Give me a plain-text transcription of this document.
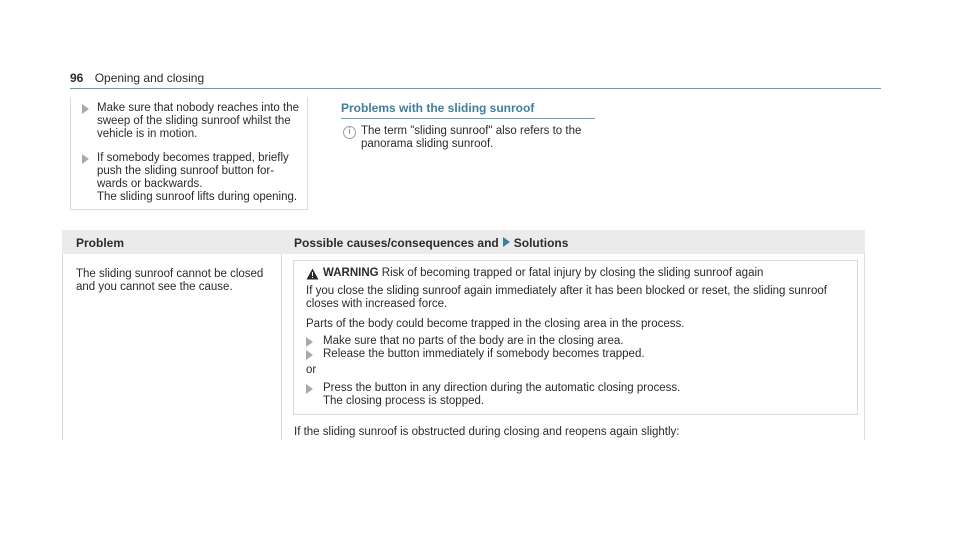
96 Opening and closing
Make sure that nobody reaches into the
sweep of the sliding sunroof whilst the
vehicle is in motion.
If somebody becomes trapped, briefly
push the sliding sunroof button for-
wards or backwards.
The sliding sunroof lifts during opening.
Problems with the sliding sunroof
i The term "sliding sunroof" also refers to the
panorama sliding sunroof.
Problem	Possible causes/consequences and Solutions
The sliding sunroof cannot be closed
and you cannot see the cause.
WARNING Risk of becoming trapped or fatal injury by closing the sliding sunroof again
If you close the sliding sunroof again immediately after it has been blocked or reset, the sliding sunroof
closes with increased force.
Parts of the body could become trapped in the closing area in the process.
Make sure that no parts of the body are in the closing area.
Release the button immediately if somebody becomes trapped.
or
Press the button in any direction during the automatic closing process.
The closing process is stopped.
If the sliding sunroof is obstructed during closing and reopens again slightly:
